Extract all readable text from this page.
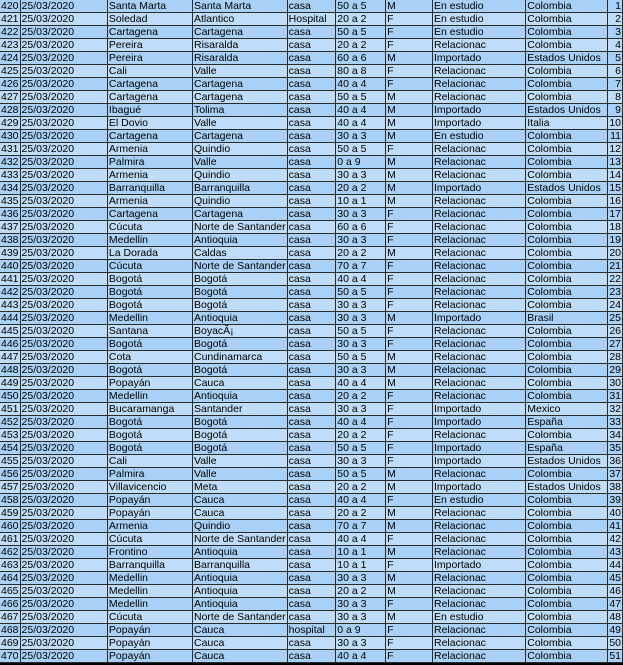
420	25/03/2020	Santa Marta	Santa Marta	casa	50 a 5	M	En estudio	Colombia	1
421	25/03/2020	Soledad	Atlantico	Hospital	20 a 2	F	En estudio	Colombia	2
422	25/03/2020	Cartagena	Cartagena	casa	50 a 5	F	En estudio	Colombia	3
423	25/03/2020	Pereira	Risaralda	casa	20 a 2	F	Relacionac	Colombia	4
424	25/03/2020	Pereira	Risaralda	casa	60 a 6	M	Importado	Estados Unidos	5
425	25/03/2020	Cali	Valle	casa	80 a 8	F	Relacionac	Colombia	6
426	25/03/2020	Cartagena	Cartagena	casa	40 a 4	F	Relacionac	Colombia	7
427	25/03/2020	Cartagena	Cartagena	casa	50 a 5	M	Relacionac	Colombia	8
428	25/03/2020	Ibagué	Tolima	casa	40 a 4	M	Importado	Estados Unidos	9
429	25/03/2020	El Dovio	Valle	casa	40 a 4	M	Importado	Italia	10
430	25/03/2020	Cartagena	Cartagena	casa	30 a 3	M	En estudio	Colombia	11
431	25/03/2020	Armenia	Quindio	casa	50 a 5	F	Relacionac	Colombia	12
432	25/03/2020	Palmira	Valle	casa	0 a 9	M	Relacionac	Colombia	13
433	25/03/2020	Armenia	Quindio	casa	30 a 3	M	Relacionac	Colombia	14
434	25/03/2020	Barranquilla	Barranquilla	casa	20 a 2	M	Importado	Estados Unidos	15
435	25/03/2020	Armenia	Quindio	casa	10 a 1	M	Relacionac	Colombia	16
436	25/03/2020	Cartagena	Cartagena	casa	30 a 3	F	Relacionac	Colombia	17
437	25/03/2020	Cúcuta	Norte de Santander	casa	60 a 6	F	Relacionac	Colombia	18
438	25/03/2020	Medellin	Antioquia	casa	30 a 3	F	Relacionac	Colombia	19
439	25/03/2020	La Dorada	Caldas	casa	20 a 2	M	Relacionac	Colombia	20
440	25/03/2020	Cúcuta	Norte de Santander	casa	70 a 7	F	Relacionac	Colombia	21
441	25/03/2020	Bogotá	Bogotá	casa	40 a 4	F	Relacionac	Colombia	22
442	25/03/2020	Bogotá	Bogotá	casa	50 a 5	F	Relacionac	Colombia	23
443	25/03/2020	Bogotá	Bogotá	casa	30 a 3	F	Relacionac	Colombia	24
444	25/03/2020	Medellin	Antioquia	casa	30 a 3	M	Importado	Brasil	25
445	25/03/2020	Santana	BoyacÃ¡	casa	50 a 5	F	Relacionac	Colombia	26
446	25/03/2020	Bogotá	Bogotá	casa	30 a 3	F	Relacionac	Colombia	27
447	25/03/2020	Cota	Cundinamarca	casa	50 a 5	M	Relacionac	Colombia	28
448	25/03/2020	Bogotá	Bogotá	casa	30 a 3	M	Relacionac	Colombia	29
449	25/03/2020	Popayán	Cauca	casa	40 a 4	M	Relacionac	Colombia	30
450	25/03/2020	Medellin	Antioquia	casa	20 a 2	F	Relacionac	Colombia	31
451	25/03/2020	Bucaramanga	Santander	casa	30 a 3	F	Importado	Mexico	32
452	25/03/2020	Bogotá	Bogotá	casa	40 a 4	F	Importado	España	33
453	25/03/2020	Bogotá	Bogotá	casa	20 a 2	F	Relacionac	Colombia	34
454	25/03/2020	Bogotá	Bogotá	casa	50 a 5	F	Importado	España	35
455	25/03/2020	Cali	Valle	casa	30 a 3	F	Importado	Estados Unidos	36
456	25/03/2020	Palmira	Valle	casa	50 a 5	M	Relacionac	Colombia	37
457	25/03/2020	Villavicencio	Meta	casa	20 a 2	M	Importado	Estados Unidos	38
458	25/03/2020	Popayán	Cauca	casa	40 a 4	F	En estudio	Colombia	39
459	25/03/2020	Popayán	Cauca	casa	20 a 2	M	Relacionac	Colombia	40
460	25/03/2020	Armenia	Quindio	casa	70 a 7	M	Relacionac	Colombia	41
461	25/03/2020	Cúcuta	Norte de Santander	casa	40 a 4	F	Relacionac	Colombia	42
462	25/03/2020	Frontino	Antioquia	casa	10 a 1	M	Relacionac	Colombia	43
463	25/03/2020	Barranquilla	Barranquilla	casa	10 a 1	F	Importado	Colombia	44
464	25/03/2020	Medellin	Antioquia	casa	30 a 3	M	Relacionac	Colombia	45
465	25/03/2020	Medellin	Antioquia	casa	20 a 2	M	Relacionac	Colombia	46
466	25/03/2020	Medellin	Antioquia	casa	30 a 3	F	Relacionac	Colombia	47
467	25/03/2020	Cúcuta	Norte de Santander	casa	30 a 3	M	En estudio	Colombia	48
468	25/03/2020	Popayán	Cauca	hospital	0 a 9	F	Relacionac	Colombia	49
469	25/03/2020	Popayán	Cauca	casa	30 a 3	F	Relacionac	Colombia	50
470	25/03/2020	Popayán	Cauca	casa	40 a 4	F	Relacionac	Colombia	51
